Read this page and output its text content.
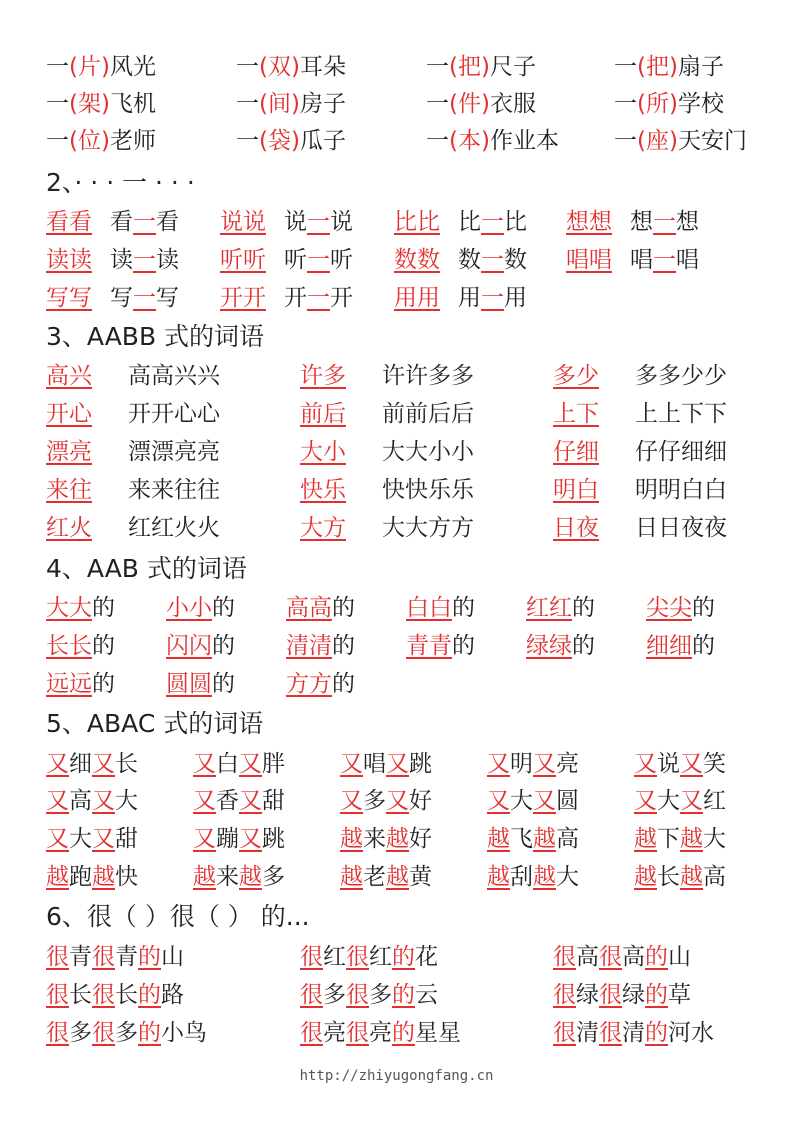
2、· · · 一 · · ·
3、AABB 式的词语
4、AAB 式的词语
5、ABAC 式的词语
6、很（ ）很（ ） 的...
http://zhiyugongfang.cn
一(片)风光	一(双)耳朵	一(把)尺子	一(把)扇子
一(架)飞机	一(间)房子	一(件)衣服	一(所)学校
一(位)老师	一(袋)瓜子	一(本)作业本 一(座)天安门
看看 看一看 说说 说一说 比比 比一比 想想 想一想
读读 读一读 听听 听一听 数数 数一数 唱唱 唱一唱
写写 写一写 开开 开一开 用用 用一用
高兴 高高兴兴	许多 许许多多	多少 多多少少
开心 开开心心	前后 前前后后	上下 上上下下
漂亮 漂漂亮亮	大小 大大小小	仔细 仔仔细细
来往 来来往往	快乐 快快乐乐	明白 明明白白
红火 红红火火	大方 大大方方	日夜 日日夜夜
大大的 小小的 高高的 白白的 红红的 尖尖的
长长的 闪闪的 清清的 青青的 绿绿的 细细的
远远的 圆圆的 方方的
又细又长 又白又胖 又唱又跳 又明又亮 又说又笑
又高又大 又香又甜 又多又好 又大又圆 又大又红
又大又甜 又蹦又跳 越来越好 越飞越高 越下越大
越跑越快 越来越多 越老越黄 越刮越大 越长越高
很青很青的山	很红很红的花	很高很高的山
很长很长的路	很多很多的云	很绿很绿的草
很多很多的小鸟	很亮很亮的星星	很清很清的河水
